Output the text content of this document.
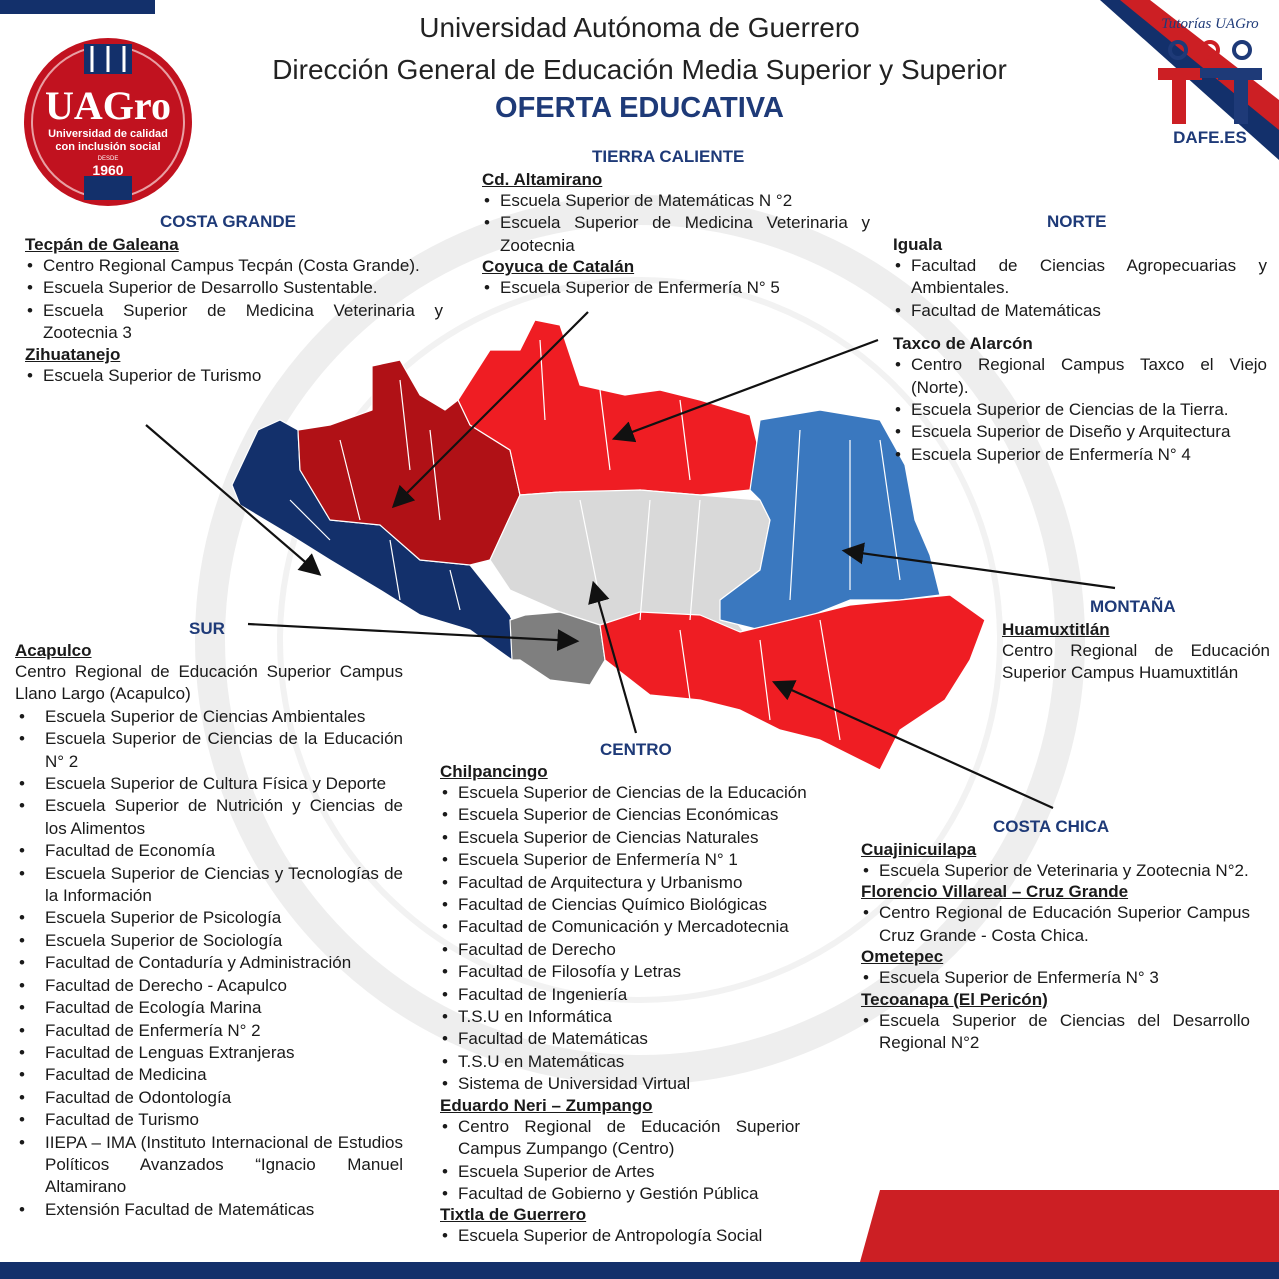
Universidad Autónoma de Guerrero
Dirección General de Educación Media Superior y Superior
OFERTA EDUCATIVA
UAGro
Universidad de calidad
con inclusión social
DESDE
1960
Tutorías UAGro
DAFE.ES
TIERRA CALIENTE
Cd. Altamirano
• Escuela Superior de Matemáticas N °2
• Escuela Superior de Medicina Veterinaria y Zootecnia
Coyuca de Catalán
• Escuela Superior de Enfermería N° 5
COSTA GRANDE
Tecpán de Galeana
• Centro Regional Campus Tecpán (Costa Grande).
• Escuela Superior de Desarrollo Sustentable.
• Escuela Superior de Medicina Veterinaria y Zootecnia 3
Zihuatanejo
• Escuela Superior de Turismo
NORTE
Iguala
• Facultad de Ciencias Agropecuarias y Ambientales.
• Facultad de Matemáticas
Taxco de Alarcón
• Centro Regional Campus Taxco el Viejo (Norte).
• Escuela Superior de Ciencias de la Tierra.
• Escuela Superior de Diseño y Arquitectura
• Escuela Superior de Enfermería N° 4
MONTAÑA
Huamuxtitlán
Centro Regional de Educación Superior Campus Huamuxtitlán
SUR
Acapulco
Centro Regional de Educación Superior Campus Llano Largo (Acapulco)
• Escuela Superior de Ciencias Ambientales
• Escuela Superior de Ciencias de la Educación N° 2
• Escuela Superior de Cultura Física y Deporte
• Escuela Superior de Nutrición y Ciencias de los Alimentos
• Facultad de Economía
• Escuela Superior de Ciencias y Tecnologías de la Información
• Escuela Superior de Psicología
• Escuela Superior de Sociología
• Facultad de Contaduría y Administración
• Facultad de Derecho - Acapulco
• Facultad de Ecología Marina
• Facultad de Enfermería N° 2
• Facultad de Lenguas Extranjeras
• Facultad de Medicina
• Facultad de Odontología
• Facultad de Turismo
• IIEPA – IMA (Instituto Internacional de Estudios Políticos Avanzados “Ignacio Manuel Altamirano
• Extensión Facultad de Matemáticas
CENTRO
Chilpancingo
• Escuela Superior de Ciencias de la Educación
• Escuela Superior de Ciencias Económicas
• Escuela Superior de Ciencias Naturales
• Escuela Superior de Enfermería N° 1
• Facultad de Arquitectura y Urbanismo
• Facultad de Ciencias Químico Biológicas
• Facultad de Comunicación y Mercadotecnia
• Facultad de Derecho
• Facultad de Filosofía y Letras
• Facultad de Ingeniería
• T.S.U en Informática
• Facultad de Matemáticas
• T.S.U en Matemáticas
• Sistema de Universidad Virtual
Eduardo Neri – Zumpango
• Centro Regional de Educación Superior Campus Zumpango (Centro)
• Escuela Superior de Artes
• Facultad de Gobierno y Gestión Pública
Tixtla de Guerrero
• Escuela Superior de Antropología Social
COSTA CHICA
Cuajinicuilapa
• Escuela Superior de Veterinaria y Zootecnia N°2.
Florencio Villareal – Cruz Grande
• Centro Regional de Educación Superior Campus Cruz Grande - Costa Chica.
Ometepec
• Escuela Superior de Enfermería N° 3
Tecoanapa (El Pericón)
• Escuela Superior de Ciencias del Desarrollo Regional N°2
